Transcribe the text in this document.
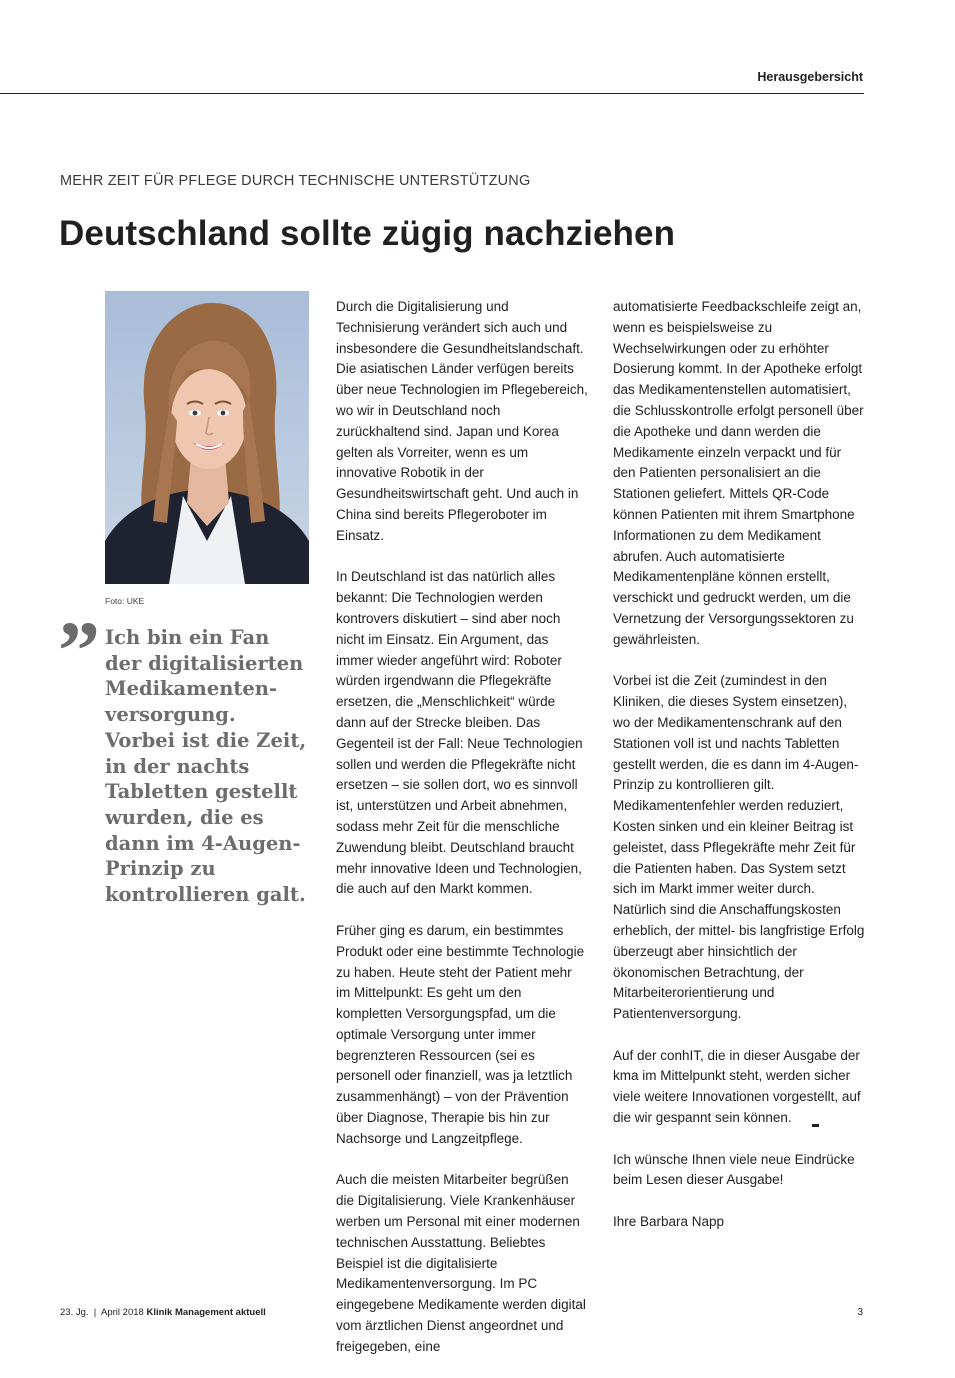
Herausgebersicht
MEHR ZEIT FÜR PFLEGE DURCH TECHNISCHE UNTERSTÜTZUNG
Deutschland sollte zügig nachziehen
Foto: UKE
” Ich bin ein Fan der digitalisierten Medikamenten-versorgung. Vorbei ist die Zeit, in der nachts Tabletten gestellt wurden, die es dann im 4-Augen-Prinzip zu kontrollieren galt.

Durch die Digitalisierung und Technisierung verändert sich auch und insbesondere die Gesundheitslandschaft. Die asiatischen Länder verfügen bereits über neue Technologien im Pflegebereich, wo wir in Deutschland noch zurückhaltend sind. Japan und Korea gelten als Vorreiter, wenn es um innovative Robotik in der Gesundheitswirtschaft geht. Und auch in China sind bereits Pflegeroboter im Einsatz.

In Deutschland ist das natürlich alles bekannt: Die Technologien werden kontrovers diskutiert – sind aber noch nicht im Einsatz. Ein Argument, das immer wieder angeführt wird: Roboter würden irgendwann die Pflegekräfte ersetzen, die „Menschlichkeit“ würde dann auf der Strecke bleiben. Das Gegenteil ist der Fall: Neue Technologien sollen und werden die Pflegekräfte nicht ersetzen – sie sollen dort, wo es sinnvoll ist, unterstützen und Arbeit abnehmen, sodass mehr Zeit für die menschliche Zuwendung bleibt. Deutschland braucht mehr innovative Ideen und Technologien, die auch auf den Markt kommen.

Früher ging es darum, ein bestimmtes Produkt oder eine bestimmte Technologie zu haben. Heute steht der Patient mehr im Mittelpunkt: Es geht um den kompletten Versorgungspfad, um die optimale Versorgung unter immer begrenzteren Ressourcen (sei es personell oder finanziell, was ja letztlich zusammenhängt) – von der Prävention über Diagnose, Therapie bis hin zur Nachsorge und Langzeitpflege.

Auch die meisten Mitarbeiter begrüßen die Digitalisierung. Viele Krankenhäuser werben um Personal mit einer modernen technischen Ausstattung. Beliebtes Beispiel ist die digitalisierte Medikamentenversorgung. Im PC eingegebene Medikamente werden digital vom ärztlichen Dienst angeordnet und freigegeben, eine

automatisierte Feedbackschleife zeigt an, wenn es beispielsweise zu Wechselwirkungen oder zu erhöhter Dosierung kommt. In der Apotheke erfolgt das Medikamentenstellen automatisiert, die Schlusskontrolle erfolgt personell über die Apotheke und dann werden die Medikamente einzeln verpackt und für den Patienten personalisiert an die Stationen geliefert. Mittels QR-Code können Patienten mit ihrem Smartphone Informationen zu dem Medikament abrufen. Auch automatisierte Medikamentenpläne können erstellt, verschickt und gedruckt werden, um die Vernetzung der Versorgungssektoren zu gewährleisten.

Vorbei ist die Zeit (zumindest in den Kliniken, die dieses System einsetzen), wo der Medikamentenschrank auf den Stationen voll ist und nachts Tabletten gestellt werden, die es dann im 4-Augen-Prinzip zu kontrollieren gilt. Medikamentenfehler werden reduziert, Kosten sinken und ein kleiner Beitrag ist geleistet, dass Pflegekräfte mehr Zeit für die Patienten haben. Das System setzt sich im Markt immer weiter durch. Natürlich sind die Anschaffungskosten erheblich, der mittel- bis langfristige Erfolg überzeugt aber hinsichtlich der ökonomischen Betrachtung, der Mitarbeiterorientierung und Patientenversorgung.

Auf der conhIT, die in dieser Ausgabe der kma im Mittelpunkt steht, werden sicher viele weitere Innovationen vorgestellt, auf die wir gespannt sein können.

Ich wünsche Ihnen viele neue Eindrücke beim Lesen dieser Ausgabe!

Ihre Barbara Napp

23. Jg.  |  April 2018 Klinik Management aktuell	3
